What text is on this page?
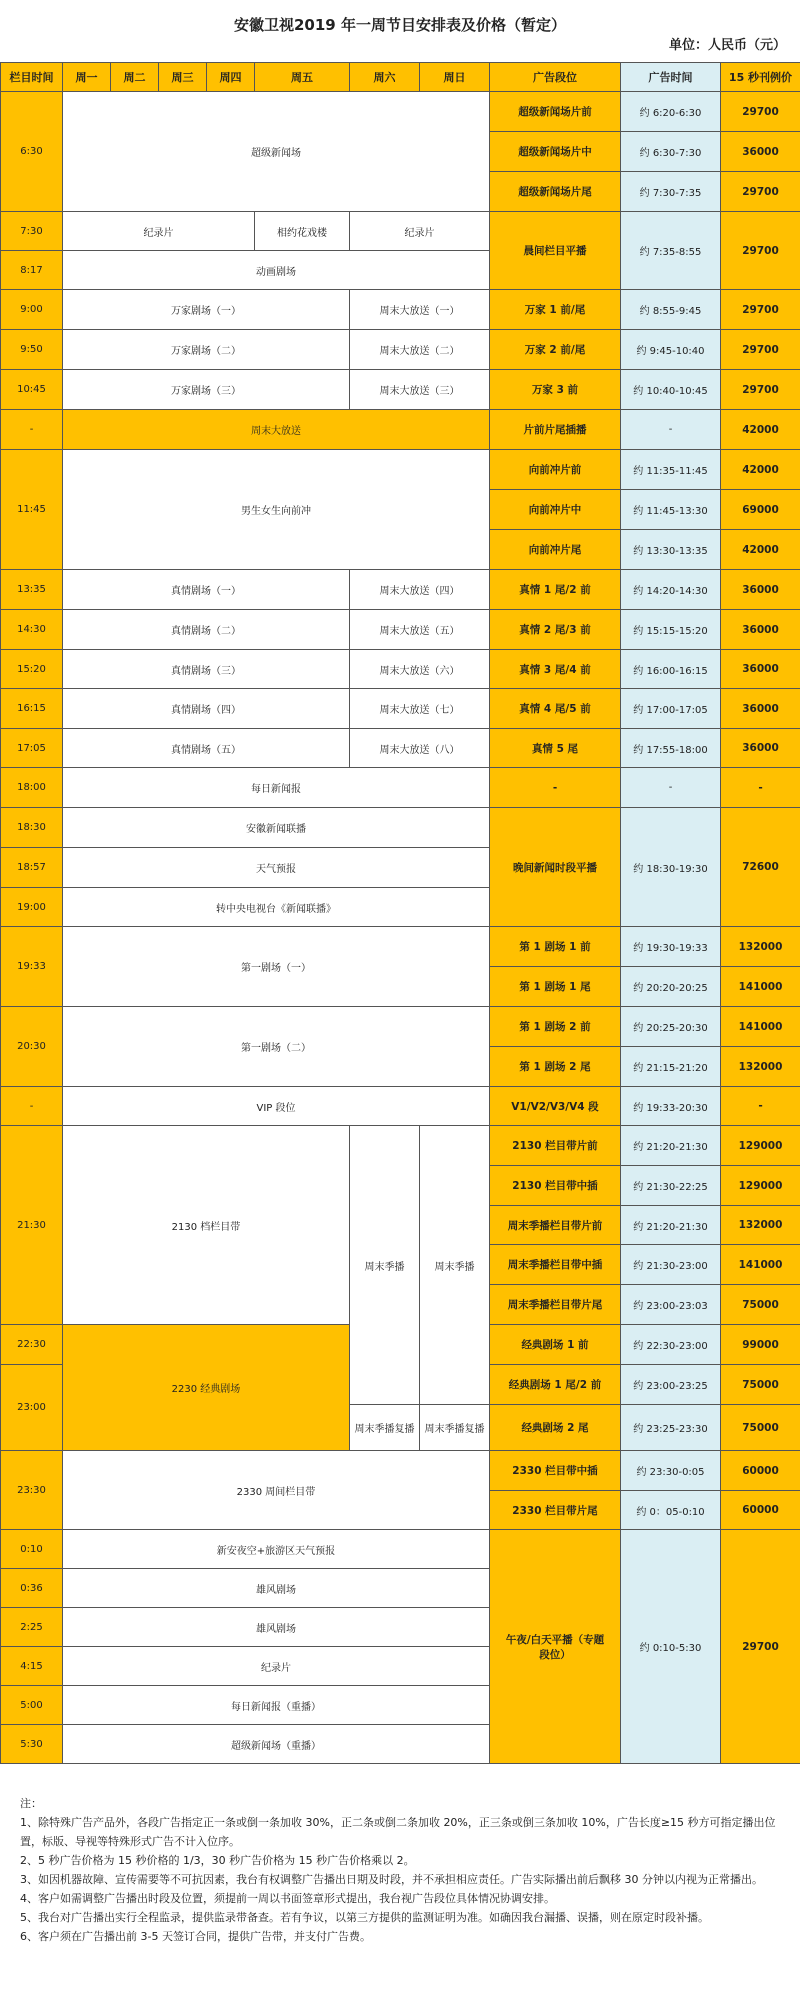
安徽卫视2019 年一周节目安排表及价格（暂定）
单位：人民币（元）
栏目时间	周一	周二	周三	周四	周五	周六	周日	广告段位	广告时间	15 秒刊例价
6:30	超级新闻场							超级新闻场片前	约 6:20-6:30	29700
								超级新闻场片中	约 6:30-7:30	36000
								超级新闻场片尾	约 7:30-7:35	29700
7:30	纪录片				相约花戏楼	纪录片		晨间栏目平播	约 7:35-8:55	29700
8:17	动画剧场									
9:00	万家剧场（一）					周末大放送（一）		万家 1 前/尾	约 8:55-9:45	29700
9:50	万家剧场（二）					周末大放送（二）		万家 2 前/尾	约 9:45-10:40	29700
10:45	万家剧场（三）					周末大放送（三）		万家 3 前	约 10:40-10:45	29700
-	周末大放送							片前片尾插播	-	42000
11:45	男生女生向前冲							向前冲片前	约 11:35-11:45	42000
								向前冲片中	约 11:45-13:30	69000
								向前冲片尾	约 13:30-13:35	42000
13:35	真情剧场（一）					周末大放送（四）		真情 1 尾/2 前	约 14:20-14:30	36000
14:30	真情剧场（二）					周末大放送（五）		真情 2 尾/3 前	约 15:15-15:20	36000
15:20	真情剧场（三）					周末大放送（六）		真情 3 尾/4 前	约 16:00-16:15	36000
16:15	真情剧场（四）					周末大放送（七）		真情 4 尾/5 前	约 17:00-17:05	36000
17:05	真情剧场（五）					周末大放送（八）		真情 5 尾	约 17:55-18:00	36000
18:00	每日新闻报							-	-	-
18:30	安徽新闻联播							晚间新闻时段平播	约 18:30-19:30	72600
18:57	天气预报									
19:00	转中央电视台《新闻联播》									
19:33	第一剧场（一）							第 1 剧场 1 前	约 19:30-19:33	132000
								第 1 剧场 1 尾	约 20:20-20:25	141000
20:30	第一剧场（二）							第 1 剧场 2 前	约 20:25-20:30	141000
								第 1 剧场 2 尾	约 21:15-21:20	132000
-	VIP 段位							V1/V2/V3/V4 段	约 19:33-20:30	-
21:30	2130 档栏目带					周末季播	周末季播	2130 栏目带片前	约 21:20-21:30	129000
								2130 栏目带中插	约 21:30-22:25	129000
								周末季播栏目带片前	约 21:20-21:30	132000
								周末季播栏目带中插	约 21:30-23:00	141000
								周末季播栏目带片尾	约 23:00-23:03	75000
22:30	2230 经典剧场							经典剧场 1 前	约 22:30-23:00	99000
23:00								经典剧场 1 尾/2 前	约 23:00-23:25	75000
						周末季播复播	周末季播复播	经典剧场 2 尾	约 23:25-23:30	75000
23:30	2330 周间栏目带							2330 栏目带中插	约 23:30-0:05	60000
								2330 栏目带片尾	约 0：05-0:10	60000
0:10	新安夜空+旅游区天气预报							午夜/白天平播（专题段位）	约 0:10-5:30	29700
0:36	雄风剧场									
2:25	雄风剧场									
4:15	纪录片									
5:00	每日新闻报（重播）									
5:30	超级新闻场（重播）									

注：

1、除特殊广告产品外，各段广告指定正一条或倒一条加收 30%，正二条或倒二条加收 20%，正三条或倒三条加收 10%，广告长度≥15 秒方可指定播出位置，标版、导视等特殊形式广告不计入位序。

2、5 秒广告价格为 15 秒价格的 1/3，30 秒广告价格为 15 秒广告价格乘以 2。

3、如因机器故障、宣传需要等不可抗因素，我台有权调整广告播出日期及时段，并不承担相应责任。广告实际播出前后飘移 30 分钟以内视为正常播出。

4、客户如需调整广告播出时段及位置，须提前一周以书面签章形式提出，我台视广告段位具体情况协调安排。

5、我台对广告播出实行全程监录，提供监录带备查。若有争议，以第三方提供的监测证明为准。如确因我台漏播、误播，则在原定时段补播。

6、客户须在广告播出前 3-5 天签订合同，提供广告带，并支付广告费。
